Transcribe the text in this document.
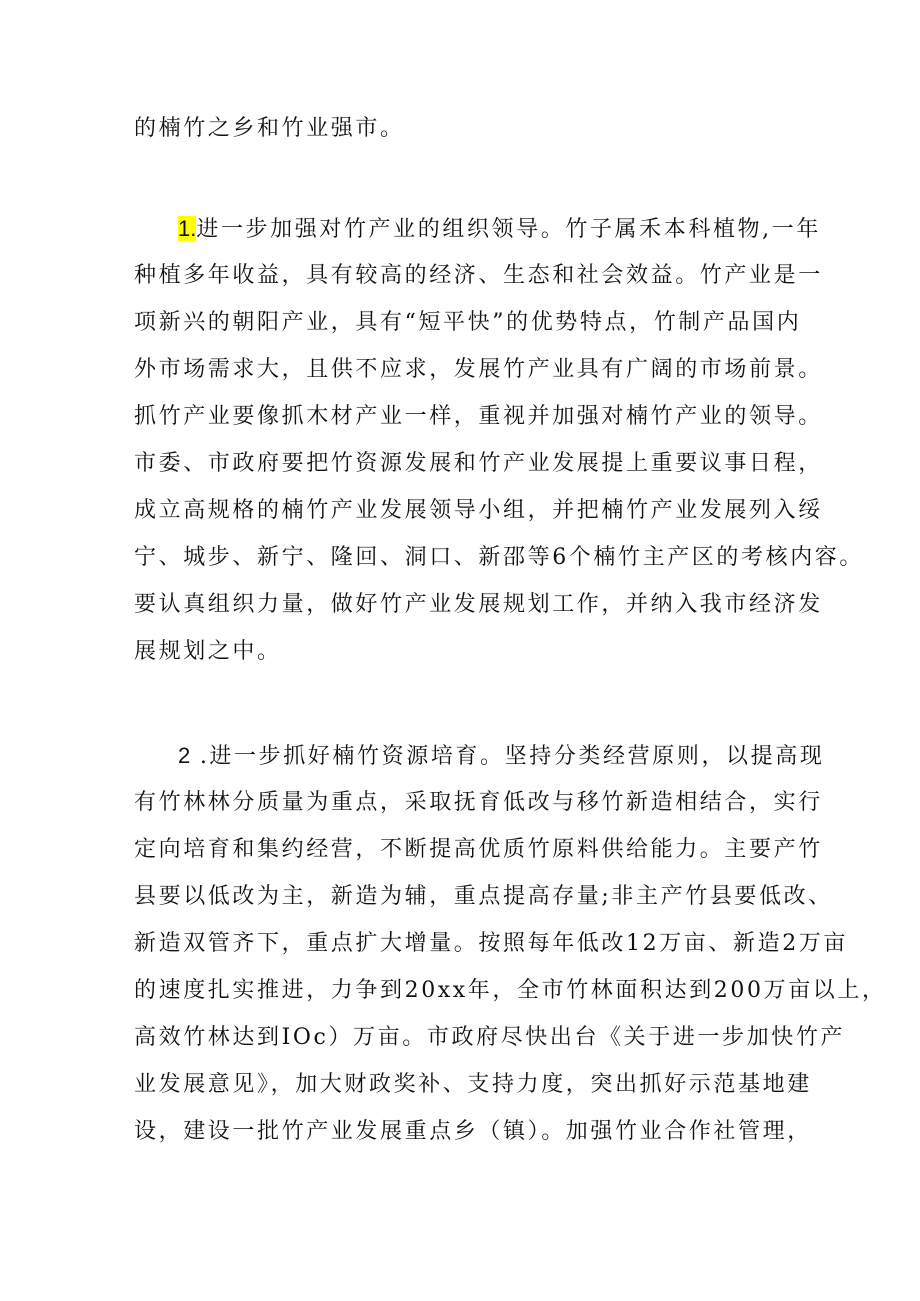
的楠竹之乡和竹业强市。
1.进一步加强对竹产业的组织领导。竹子属禾本科植物,一年
种植多年收益，具有较高的经济、生态和社会效益。竹产业是一
项新兴的朝阳产业，具有“短平快”的优势特点，竹制产品国内
外市场需求大，且供不应求，发展竹产业具有广阔的市场前景。
抓竹产业要像抓木材产业一样，重视并加强对楠竹产业的领导。
市委、市政府要把竹资源发展和竹产业发展提上重要议事日程，
成立高规格的楠竹产业发展领导小组，并把楠竹产业发展列入绥
宁、城步、新宁、隆回、洞口、新邵等6个楠竹主产区的考核内容。
要认真组织力量，做好竹产业发展规划工作，并纳入我市经济发
展规划之中。
2 .进一步抓好楠竹资源培育。坚持分类经营原则，以提高现
有竹林林分质量为重点，采取抚育低改与移竹新造相结合，实行
定向培育和集约经营，不断提高优质竹原料供给能力。主要产竹
县要以低改为主，新造为辅，重点提高存量;非主产竹县要低改、
新造双管齐下，重点扩大增量。按照每年低改12万亩、新造2万亩
的速度扎实推进，力争到20xx年，全市竹林面积达到200万亩以上，
高效竹林达到IOc）万亩。市政府尽快出台《关于进一步加快竹产
业发展意见》，加大财政奖补、支持力度，突出抓好示范基地建
设，建设一批竹产业发展重点乡（镇）。加强竹业合作社管理，
